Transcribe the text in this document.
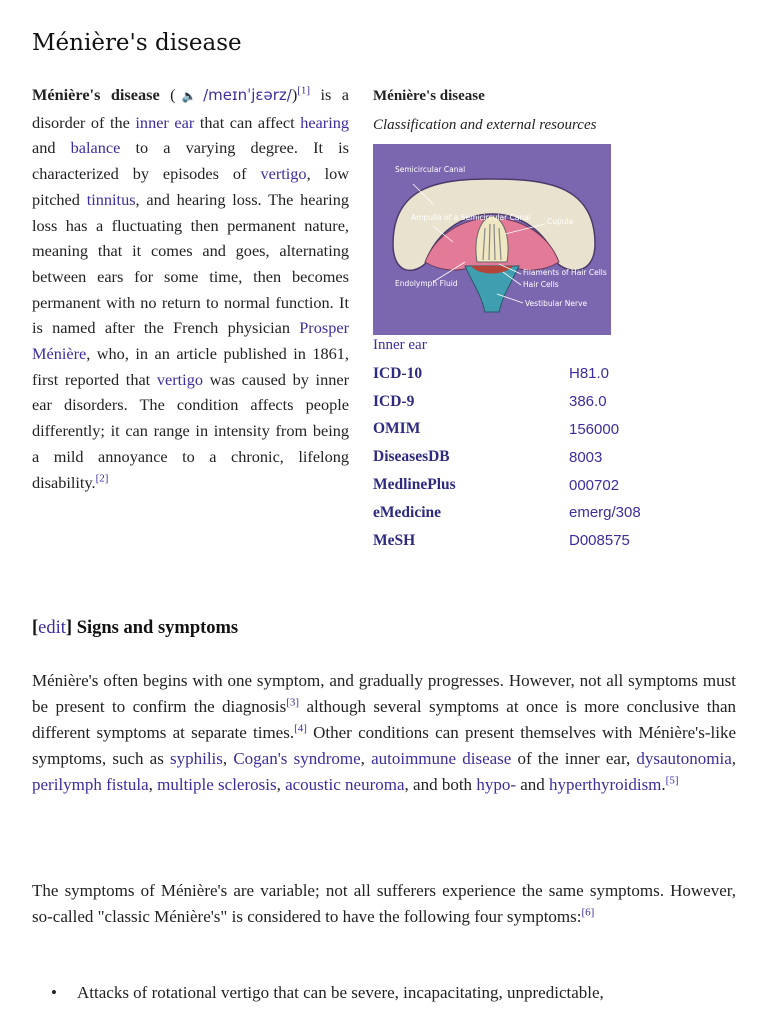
Ménière's disease

Ménière's disease (🔈/meɪnˈjɛərz/)[1] is a disorder of the inner ear that can affect hearing and balance to a varying degree. It is characterized by episodes of vertigo, low pitched tinnitus, and hearing loss. The hearing loss has a fluctuating then permanent nature, meaning that it comes and goes, alternating between ears for some time, then becomes permanent with no return to normal function. It is named after the French physician Prosper Ménière, who, in an article published in 1861, first reported that vertigo was caused by inner ear disorders. The condition affects people differently; it can range in intensity from being a mild annoyance to a chronic, lifelong disability.[2]

Ménière's disease
Classification and external resources
Semicircular Canal
Ampulla of a Semicircular Canal Cupula
Filaments of Hair Cells
Hair Cells
Endolymph Fluid
Vestibular Nerve
Inner ear
ICD-10	H81.0
ICD-9	386.0
OMIM	156000
DiseasesDB	8003
MedlinePlus	000702
eMedicine	emerg/308
MeSH	D008575
[edit] Signs and symptoms

Ménière's often begins with one symptom, and gradually progresses. However, not all symptoms must be present to confirm the diagnosis[3] although several symptoms at once is more conclusive than different symptoms at separate times.[4] Other conditions can present themselves with Ménière's-like symptoms, such as syphilis, Cogan's syndrome, autoimmune disease of the inner ear, dysautonomia, perilymph fistula, multiple sclerosis, acoustic neuroma, and both hypo- and hyperthyroidism.[5]

The symptoms of Ménière's are variable; not all sufferers experience the same symptoms. However, so-called "classic Ménière's" is considered to have the following four symptoms:[6]

• Attacks of rotational vertigo that can be severe, incapacitating, unpredictable,
